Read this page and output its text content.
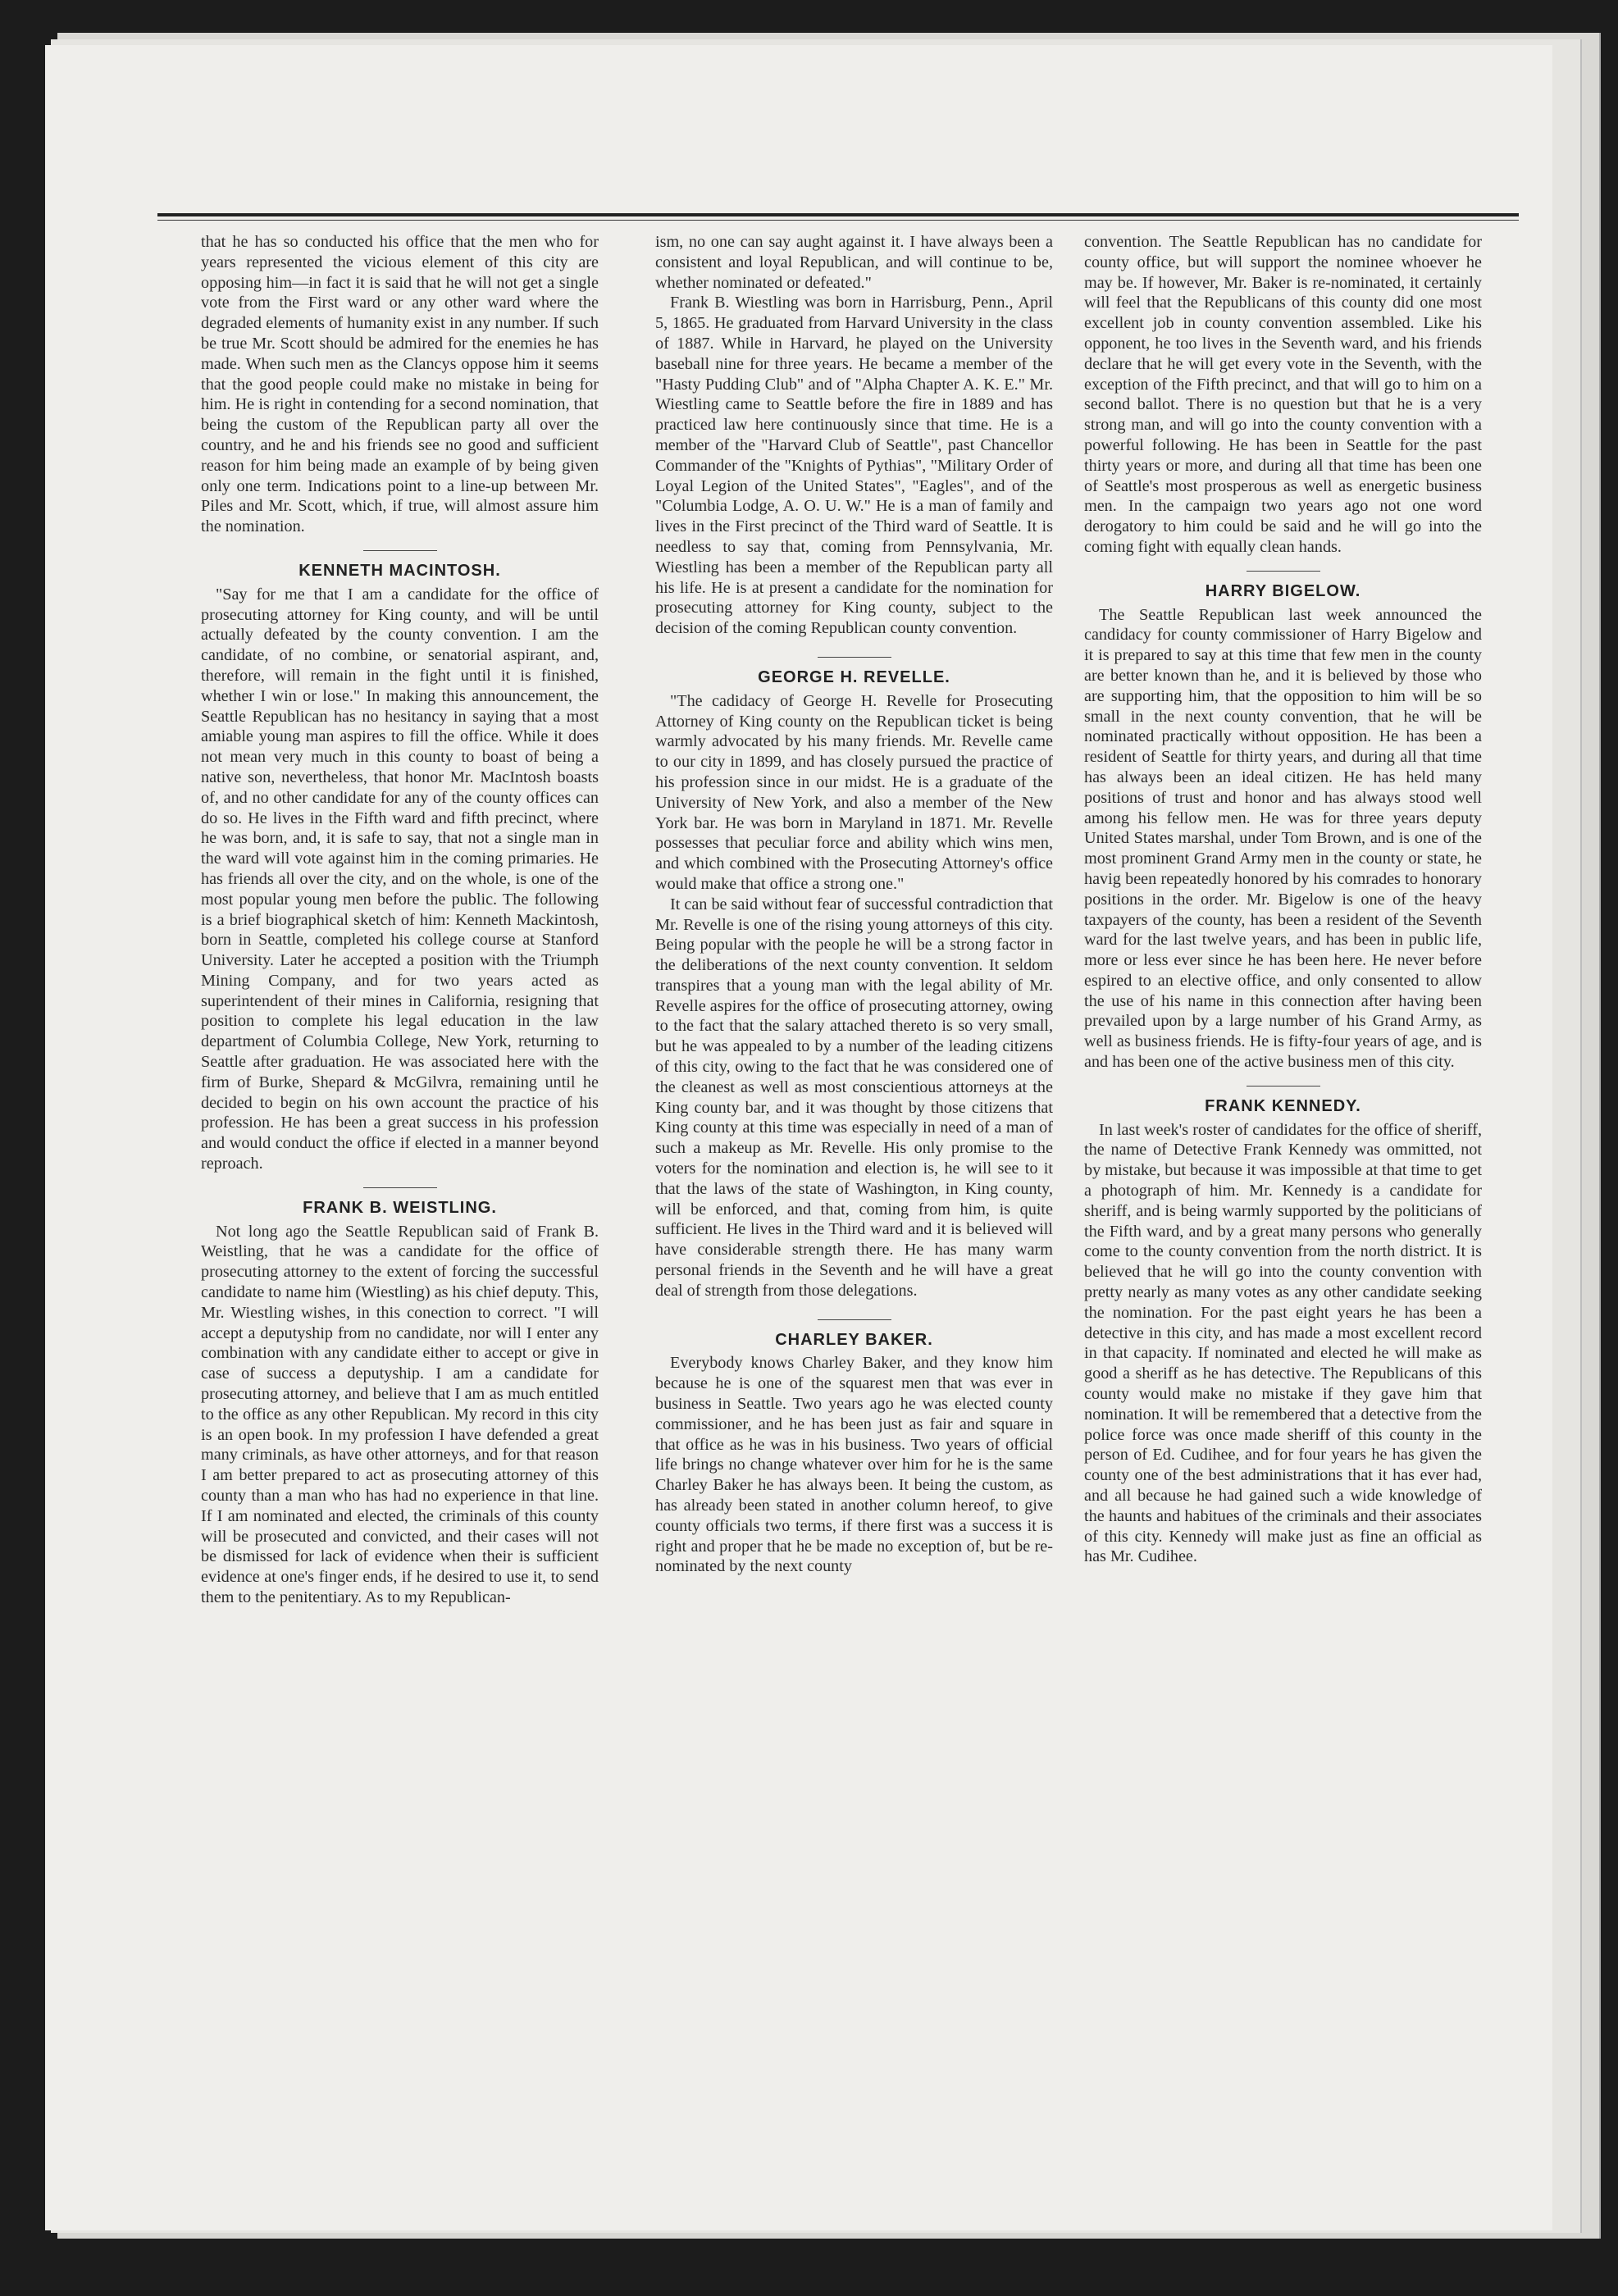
that he has so conducted his office that the men who for years represented the vicious element of this city are opposing him—in fact it is said that he will not get a single vote from the First ward or any other ward where the degraded elements of humanity exist in any number. If such be true Mr. Scott should be admired for the enemies he has made. When such men as the Clancys oppose him it seems that the good people could make no mistake in being for him. He is right in contending for a second nomination, that being the custom of the Republican party all over the country, and he and his friends see no good and sufficient reason for him being made an example of by being given only one term. Indications point to a line-up between Mr. Piles and Mr. Scott, which, if true, will almost assure him the nomination.

KENNETH MACINTOSH.

"Say for me that I am a candidate for the office of prosecuting attorney for King county, and will be until actually defeated by the county convention. I am the candidate, of no combine, or senatorial aspirant, and, therefore, will remain in the fight until it is finished, whether I win or lose." In making this announcement, the Seattle Republican has no hesitancy in saying that a most amiable young man aspires to fill the office. While it does not mean very much in this county to boast of being a native son, nevertheless, that honor Mr. MacIntosh boasts of, and no other candidate for any of the county offices can do so. He lives in the Fifth ward and fifth precinct, where he was born, and, it is safe to say, that not a single man in the ward will vote against him in the coming primaries. He has friends all over the city, and on the whole, is one of the most popular young men before the public. The following is a brief biographical sketch of him: Kenneth Mackintosh, born in Seattle, completed his college course at Stanford University. Later he accepted a position with the Triumph Mining Company, and for two years acted as superintendent of their mines in California, resigning that position to complete his legal education in the law department of Columbia College, New York, returning to Seattle after graduation. He was associated here with the firm of Burke, Shepard & McGilvra, remaining until he decided to begin on his own account the practice of his profession. He has been a great success in his profession and would conduct the office if elected in a manner beyond reproach.

FRANK B. WEISTLING.

Not long ago the Seattle Republican said of Frank B. Weistling, that he was a candidate for the office of prosecuting attorney to the extent of forcing the successful candidate to name him (Wiestling) as his chief deputy. This, Mr. Wiestling wishes, in this conection to correct. "I will accept a deputyship from no candidate, nor will I enter any combination with any candidate either to accept or give in case of success a deputyship. I am a candidate for prosecuting attorney, and believe that I am as much entitled to the office as any other Republican. My record in this city is an open book. In my profession I have defended a great many criminals, as have other attorneys, and for that reason I am better prepared to act as prosecuting attorney of this county than a man who has had no experience in that line. If I am nominated and elected, the criminals of this county will be prosecuted and convicted, and their cases will not be dismissed for lack of evidence when their is sufficient evidence at one's finger ends, if he desired to use it, to send them to the penitentiary. As to my Republican-

ism, no one can say aught against it. I have always been a consistent and loyal Republican, and will continue to be, whether nominated or defeated."

Frank B. Wiestling was born in Harrisburg, Penn., April 5, 1865. He graduated from Harvard University in the class of 1887. While in Harvard, he played on the University baseball nine for three years. He became a member of the "Hasty Pudding Club" and of "Alpha Chapter A. K. E." Mr. Wiestling came to Seattle before the fire in 1889 and has practiced law here continuously since that time. He is a member of the "Harvard Club of Seattle", past Chancellor Commander of the "Knights of Pythias", "Military Order of Loyal Legion of the United States", "Eagles", and of the "Columbia Lodge, A. O. U. W." He is a man of family and lives in the First precinct of the Third ward of Seattle. It is needless to say that, coming from Pennsylvania, Mr. Wiestling has been a member of the Republican party all his life. He is at present a candidate for the nomination for prosecuting attorney for King county, subject to the decision of the coming Republican county convention.

GEORGE H. REVELLE.

"The cadidacy of George H. Revelle for Prosecuting Attorney of King county on the Republican ticket is being warmly advocated by his many friends. Mr. Revelle came to our city in 1899, and has closely pursued the practice of his profession since in our midst. He is a graduate of the University of New York, and also a member of the New York bar. He was born in Maryland in 1871. Mr. Revelle possesses that peculiar force and ability which wins men, and which combined with the Prosecuting Attorney's office would make that office a strong one."

It can be said without fear of successful contradiction that Mr. Revelle is one of the rising young attorneys of this city. Being popular with the people he will be a strong factor in the deliberations of the next county convention. It seldom transpires that a young man with the legal ability of Mr. Revelle aspires for the office of prosecuting attorney, owing to the fact that the salary attached thereto is so very small, but he was appealed to by a number of the leading citizens of this city, owing to the fact that he was considered one of the cleanest as well as most conscientious attorneys at the King county bar, and it was thought by those citizens that King county at this time was especially in need of a man of such a makeup as Mr. Revelle. His only promise to the voters for the nomination and election is, he will see to it that the laws of the state of Washington, in King county, will be enforced, and that, coming from him, is quite sufficient. He lives in the Third ward and it is believed will have considerable strength there. He has many warm personal friends in the Seventh and he will have a great deal of strength from those delegations.

CHARLEY BAKER.

Everybody knows Charley Baker, and they know him because he is one of the squarest men that was ever in business in Seattle. Two years ago he was elected county commissioner, and he has been just as fair and square in that office as he was in his business. Two years of official life brings no change whatever over him for he is the same Charley Baker he has always been. It being the custom, as has already been stated in another column hereof, to give county officials two terms, if there first was a success it is right and proper that he be made no exception of, but be re-nominated by the next county

convention. The Seattle Republican has no candidate for county office, but will support the nominee whoever he may be. If however, Mr. Baker is re-nominated, it certainly will feel that the Republicans of this county did one most excellent job in county convention assembled. Like his opponent, he too lives in the Seventh ward, and his friends declare that he will get every vote in the Seventh, with the exception of the Fifth precinct, and that will go to him on a second ballot. There is no question but that he is a very strong man, and will go into the county convention with a powerful following. He has been in Seattle for the past thirty years or more, and during all that time has been one of Seattle's most prosperous as well as energetic business men. In the campaign two years ago not one word derogatory to him could be said and he will go into the coming fight with equally clean hands.

HARRY BIGELOW.

The Seattle Republican last week announced the candidacy for county commissioner of Harry Bigelow and it is prepared to say at this time that few men in the county are better known than he, and it is believed by those who are supporting him, that the opposition to him will be so small in the next county convention, that he will be nominated practically without opposition. He has been a resident of Seattle for thirty years, and during all that time has always been an ideal citizen. He has held many positions of trust and honor and has always stood well among his fellow men. He was for three years deputy United States marshal, under Tom Brown, and is one of the most prominent Grand Army men in the county or state, he havig been repeatedly honored by his comrades to honorary positions in the order. Mr. Bigelow is one of the heavy taxpayers of the county, has been a resident of the Seventh ward for the last twelve years, and has been in public life, more or less ever since he has been here. He never before espired to an elective office, and only consented to allow the use of his name in this connection after having been prevailed upon by a large number of his Grand Army, as well as business friends. He is fifty-four years of age, and is and has been one of the active business men of this city.

FRANK KENNEDY.

In last week's roster of candidates for the office of sheriff, the name of Detective Frank Kennedy was ommitted, not by mistake, but because it was impossible at that time to get a photograph of him. Mr. Kennedy is a candidate for sheriff, and is being warmly supported by the politicians of the Fifth ward, and by a great many persons who generally come to the county convention from the north district. It is believed that he will go into the county convention with pretty nearly as many votes as any other candidate seeking the nomination. For the past eight years he has been a detective in this city, and has made a most excellent record in that capacity. If nominated and elected he will make as good a sheriff as he has detective. The Republicans of this county would make no mistake if they gave him that nomination. It will be remembered that a detective from the police force was once made sheriff of this county in the person of Ed. Cudihee, and for four years he has given the county one of the best administrations that it has ever had, and all because he had gained such a wide knowledge of the haunts and habitues of the criminals and their associates of this city. Kennedy will make just as fine an official as has Mr. Cudihee.
